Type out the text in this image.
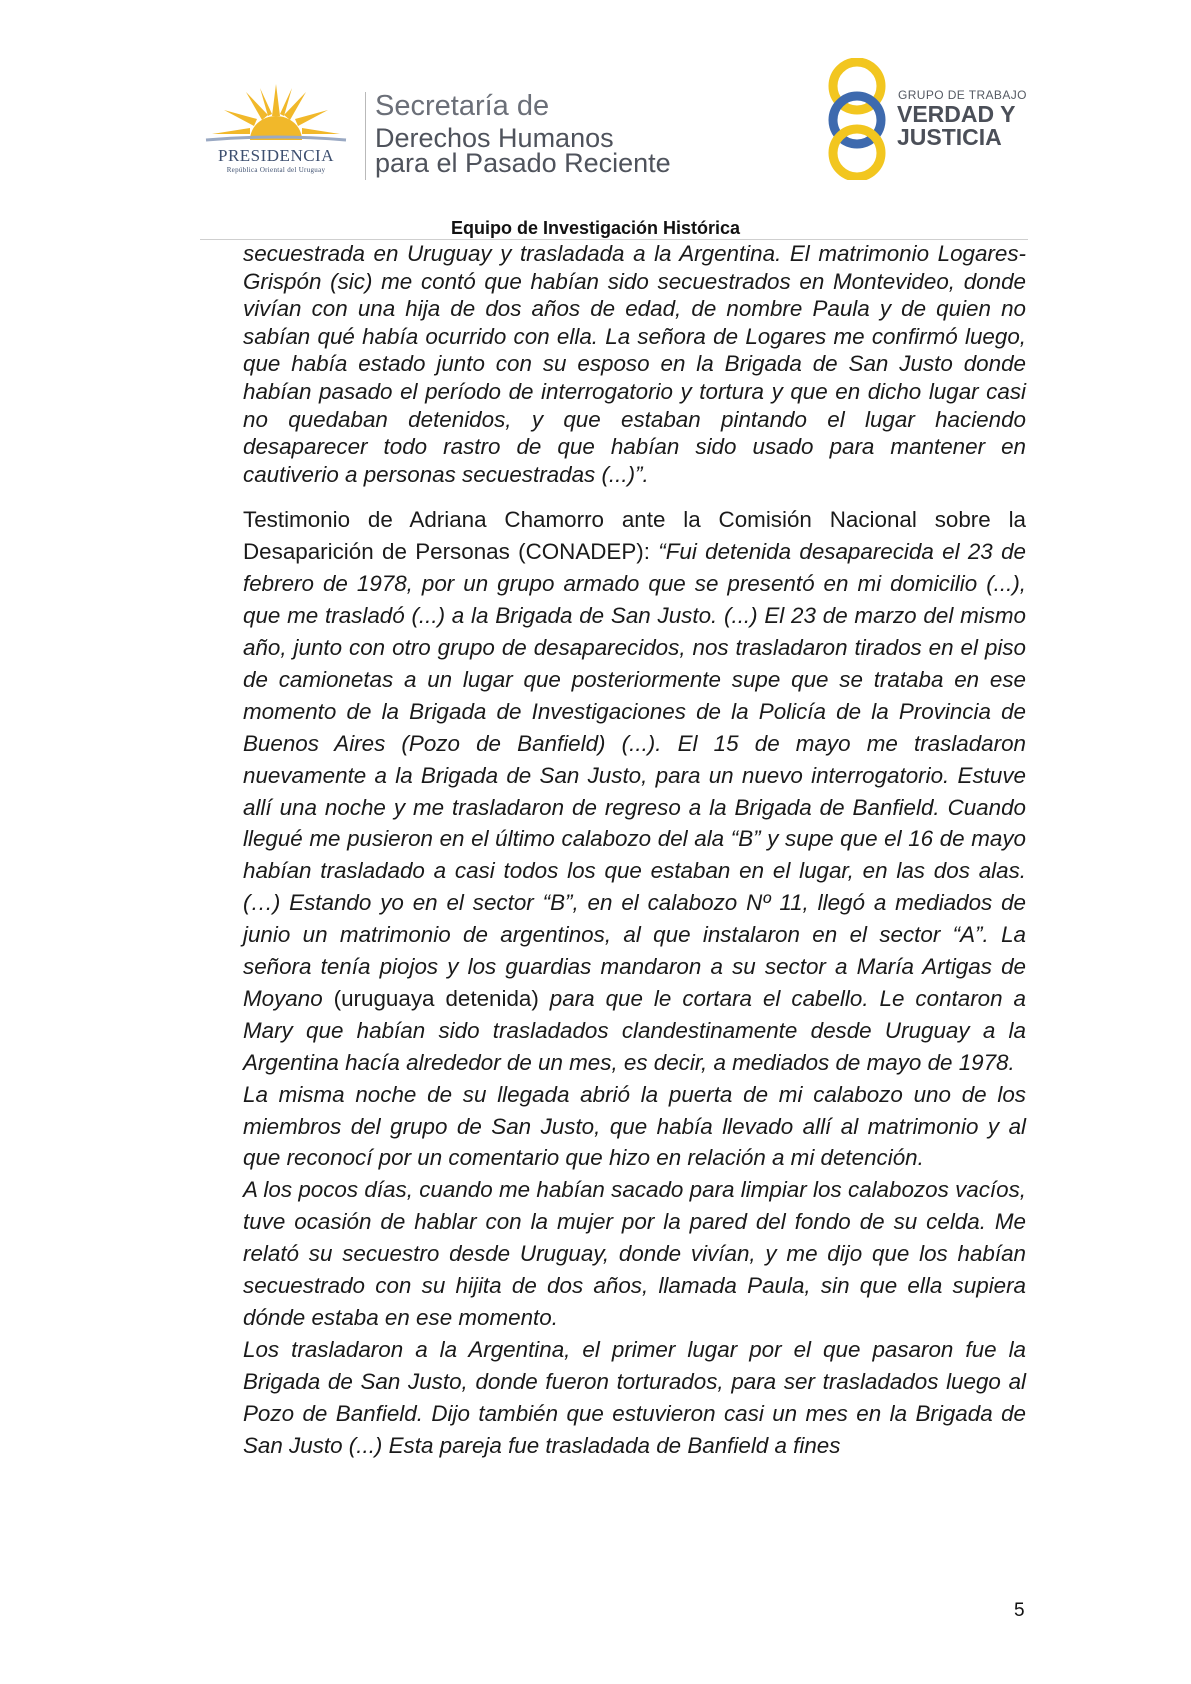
PRESIDENCIA
República Oriental del Uruguay
Secretaría de
Derechos Humanos
para el Pasado Reciente
GRUPO DE TRABAJO
VERDAD Y
JUSTICIA
Equipo de Investigación Histórica

secuestrada en Uruguay y trasladada a la Argentina. El matrimonio Logares-Grispón (sic) me contó que habían sido secuestrados en Montevideo, donde vivían con una hija de dos años de edad, de nombre Paula y de quien no sabían qué había ocurrido con ella. La señora de Logares me confirmó luego, que había estado junto con su esposo en la Brigada de San Justo donde habían pasado el período de interrogatorio y tortura y que en dicho lugar casi no quedaban detenidos, y que estaban pintando el lugar haciendo desaparecer todo rastro de que habían sido usado para mantener en cautiverio a personas secuestradas (...)”.

Testimonio de Adriana Chamorro ante la Comisión Nacional sobre la Desaparición de Personas (CONADEP): “Fui detenida desaparecida el 23 de febrero de 1978, por un grupo armado que se presentó en mi domicilio (...), que me trasladó (...) a la Brigada de San Justo. (...) El 23 de marzo del mismo año, junto con otro grupo de desaparecidos, nos trasladaron tirados en el piso de camionetas a un lugar que posteriormente supe que se trataba en ese momento de la Brigada de Investigaciones de la Policía de la Provincia de Buenos Aires (Pozo de Banfield) (...). El 15 de mayo me trasladaron nuevamente a la Brigada de San Justo, para un nuevo interrogatorio. Estuve allí una noche y me trasladaron de regreso a la Brigada de Banfield. Cuando llegué me pusieron en el último calabozo del ala “B” y supe que el 16 de mayo habían trasladado a casi todos los que estaban en el lugar, en las dos alas. (…) Estando yo en el sector “B”, en el calabozo Nº 11, llegó a mediados de junio un matrimonio de argentinos, al que instalaron en el sector “A”. La señora tenía piojos y los guardias mandaron a su sector a María Artigas de Moyano (uruguaya detenida) para que le cortara el cabello. Le contaron a Mary que habían sido trasladados clandestinamente desde Uruguay a la Argentina hacía alrededor de un mes, es decir, a mediados de mayo de 1978.

La misma noche de su llegada abrió la puerta de mi calabozo uno de los miembros del grupo de San Justo, que había llevado allí al matrimonio y al que reconocí por un comentario que hizo en relación a mi detención.

A los pocos días, cuando me habían sacado para limpiar los calabozos vacíos, tuve ocasión de hablar con la mujer por la pared del fondo de su celda. Me relató su secuestro desde Uruguay, donde vivían, y me dijo que los habían secuestrado con su hijita de dos años, llamada Paula, sin que ella supiera dónde estaba en ese momento.

Los trasladaron a la Argentina, el primer lugar por el que pasaron fue la Brigada de San Justo, donde fueron torturados, para ser trasladados luego al Pozo de Banfield. Dijo también que estuvieron casi un mes en la Brigada de San Justo (...) Esta pareja fue trasladada de Banfield a fines

5
